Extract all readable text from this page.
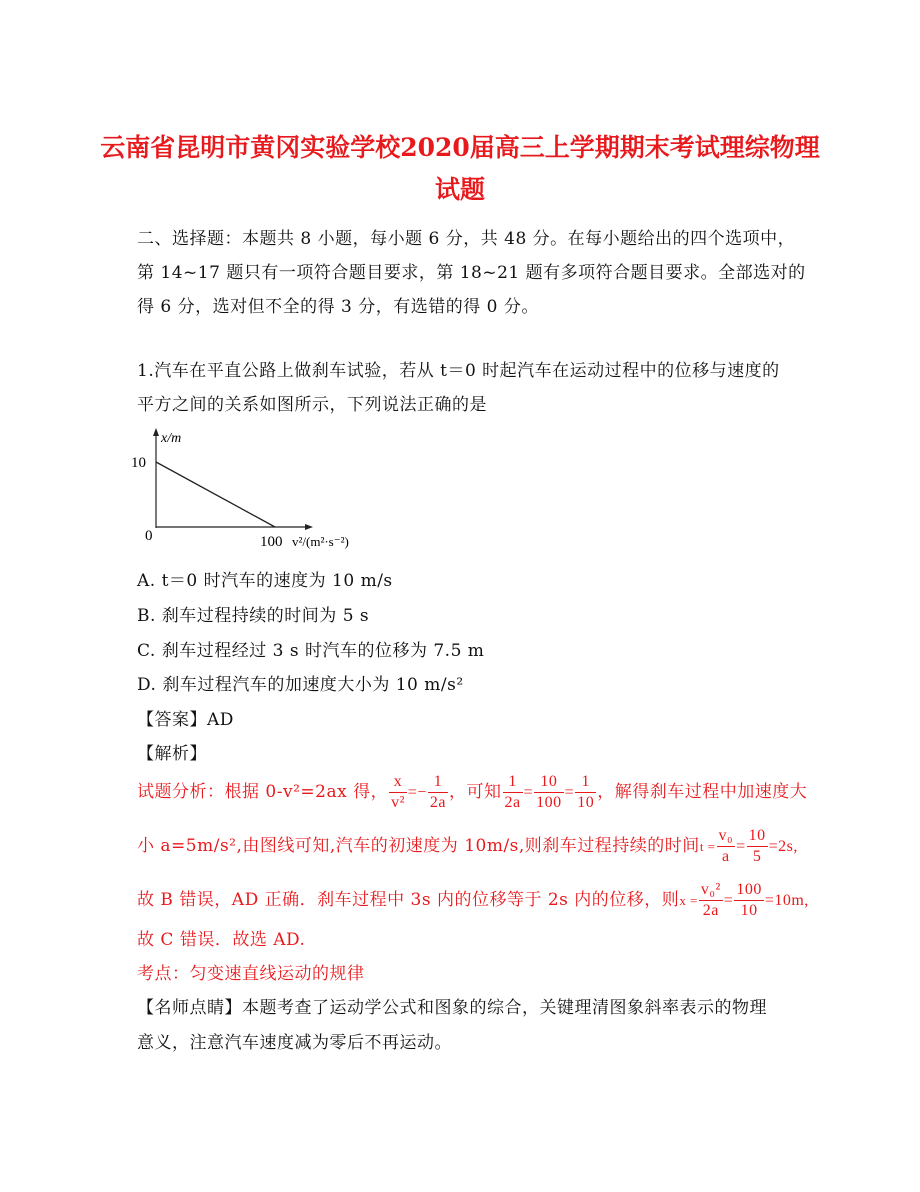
云南省昆明市黄冈实验学校2020届高三上学期期末考试理综物理
试题
二、选择题：本题共 8 小题，每小题 6 分，共 48 分。在每小题给出的四个选项中，
第 14~17 题只有一项符合题目要求，第 18~21 题有多项符合题目要求。全部选对的
得 6 分，选对但不全的得 3 分，有选错的得 0 分。
1.汽车在平直公路上做刹车试验，若从 t＝0 时起汽车在运动过程中的位移与速度的
平方之间的关系如图所示，下列说法正确的是
x/m
10
0	100 v²/(m²·s⁻²)
A. t＝0 时汽车的速度为 10 m/s
B. 刹车过程持续的时间为 5 s
C. 刹车过程经过 3 s 时汽车的位移为 7.5 m
D. 刹车过程汽车的加速度大小为 10 m/s²
【答案】AD
【解析】
试题分析：根据 0-v²=2ax 得， $\frac{x}{\text{v²}} =- \frac{1}{2a}$ ，可知 $\frac{1}{2a} = \frac{10}{100} = \frac{1}{10}$ ，解得刹车过程中加速度大
小 a=5m/s²,由图线可知,汽车的初速度为 10m/s,则刹车过程持续的时间$t = \frac{\text{v₀}}{a} = \frac{10}{5} =2s$,
故 B 错误，AD 正确．刹车过程中 3s 内的位移等于 2s 内的位移，则$x = \frac{\text{v₀²}}{2a} = \frac{100}{10} =10m$,
故 C 错误．故选 AD.
考点：匀变速直线运动的规律
【名师点睛】本题考查了运动学公式和图象的综合，关键理清图象斜率表示的物理
意义，注意汽车速度减为零后不再运动。
